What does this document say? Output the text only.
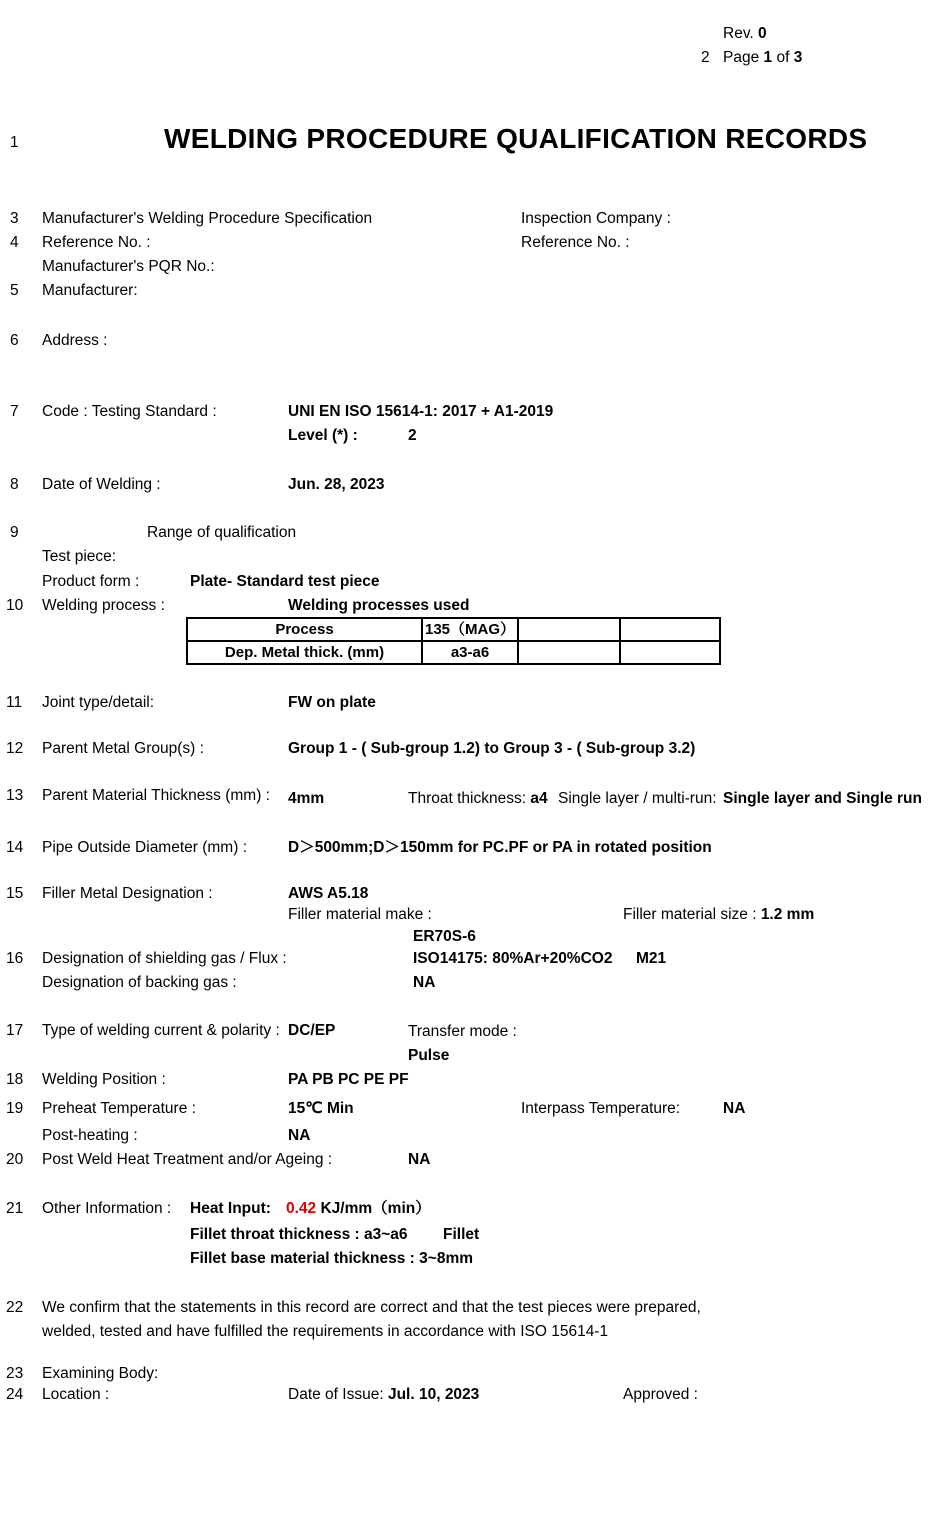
Rev. 0
2 Page 1 of 3
WELDING PROCEDURE QUALIFICATION RECORDS
1
3
4
5
6
7
8
9
10
11
12
13
14
15
16
17
18
19
20
21
22
23
24
Manufacturer's Welding Procedure Specification	Inspection Company :
Reference No. :	Reference No. :
Manufacturer's PQR No.:
Manufacturer:
Address :
Code : Testing Standard :	UNI EN ISO 15614-1: 2017 + A1-2019
Level (*) :	2
Date of Welding :	Jun. 28, 2023
Range of qualification
Test piece:
Product form :	Plate- Standard test piece
Welding process :	Welding processes used
Process	135（MAG）		
Dep. Metal thick. (mm)	a3-a6		
Joint type/detail:	FW on plate
Parent Metal Group(s) :	Group 1 - ( Sub-group 1.2) to Group 3 - ( Sub-group 3.2)
Parent Material Thickness (mm) : 4mm	Throat thickness: a4 Single layer / multi-run: Single layer and Single run
Pipe Outside Diameter (mm) :	D＞500mm;D＞150mm for PC.PF or PA in rotated position
Filler Metal Designation :	AWS A5.18
Filler material make :	Filler material size : 1.2 mm
ER70S-6
Designation of shielding gas / Flux :	ISO14175: 80%Ar+20%CO2 M21
Designation of backing gas :	NA
Type of welding current & polarity : DC/EP	Transfer mode :
Pulse
Welding Position :	PA PB PC PE PF
Preheat Temperature :	15℃ Min	Interpass Temperature:	NA
Post-heating :	NA
Post Weld Heat Treatment and/or Ageing :	NA
Other Information : Heat Input: 0.42 KJ/mm（min）
Fillet throat thickness : a3~a6 Fillet
Fillet base material thickness : 3~8mm
We confirm that the statements in this record are correct and that the test pieces were prepared,
welded, tested and have fulfilled the requirements in accordance with ISO 15614-1
Examining Body:
Location :	Date of Issue: Jul. 10, 2023	Approved :
